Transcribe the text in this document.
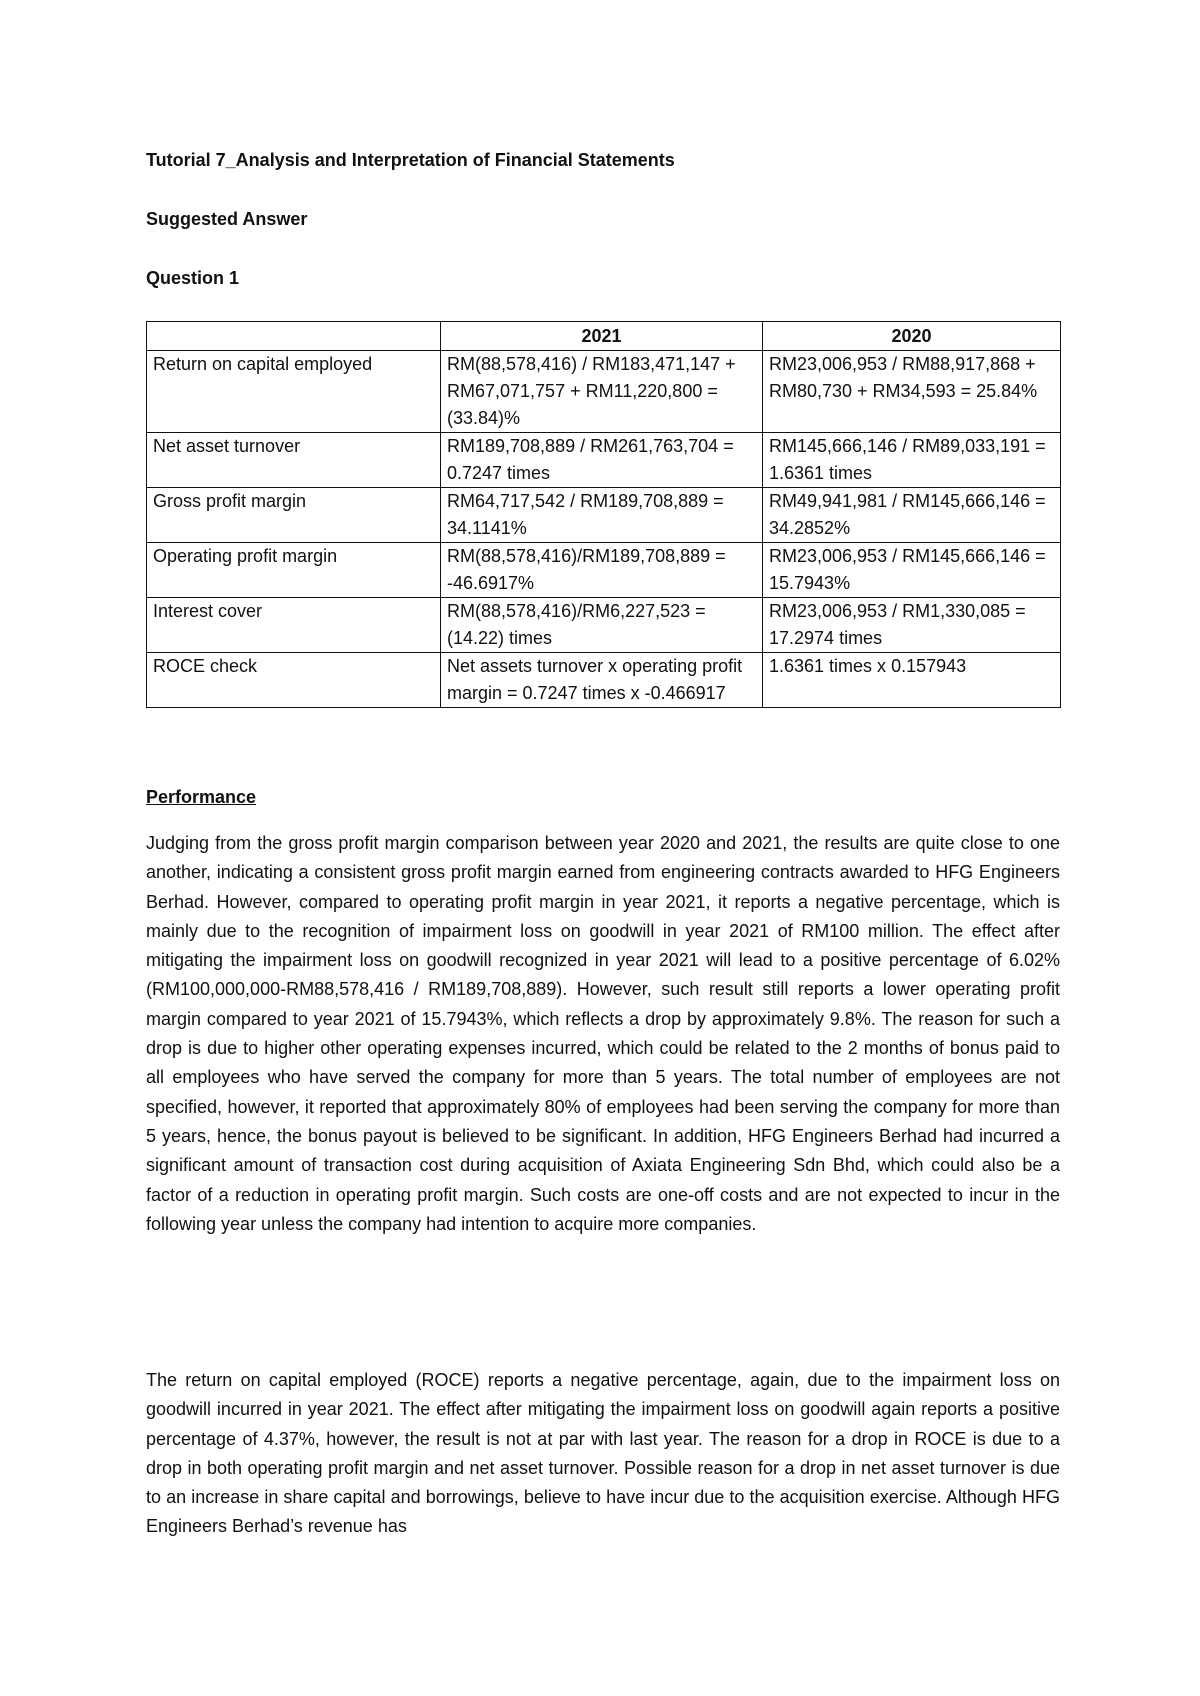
Tutorial 7_Analysis and Interpretation of Financial Statements
Suggested Answer
Question 1
	2021	2020
Return on capital employed	RM(88,578,416) / RM183,471,147 + RM67,071,757 + RM11,220,800 = (33.84)%	RM23,006,953 / RM88,917,868 + RM80,730 + RM34,593 = 25.84%
Net asset turnover	RM189,708,889 / RM261,763,704 = 0.7247 times	RM145,666,146 / RM89,033,191 = 1.6361 times
Gross profit margin	RM64,717,542 / RM189,708,889 = 34.1141%	RM49,941,981 / RM145,666,146 = 34.2852%
Operating profit margin	RM(88,578,416)/RM189,708,889 = -46.6917%	RM23,006,953 / RM145,666,146 = 15.7943%
Interest cover	RM(88,578,416)/RM6,227,523 = (14.22) times	RM23,006,953 / RM1,330,085 = 17.2974 times
ROCE check	Net assets turnover x operating profit margin = 0.7247 times x -0.466917	1.6361 times x 0.157943
Performance

Judging from the gross profit margin comparison between year 2020 and 2021, the results are quite close to one another, indicating a consistent gross profit margin earned from engineering contracts awarded to HFG Engineers Berhad. However, compared to operating profit margin in year 2021, it reports a negative percentage, which is mainly due to the recognition of impairment loss on goodwill in year 2021 of RM100 million. The effect after mitigating the impairment loss on goodwill recognized in year 2021 will lead to a positive percentage of 6.02% (RM100,000,000-RM88,578,416 / RM189,708,889). However, such result still reports a lower operating profit margin compared to year 2021 of 15.7943%, which reflects a drop by approximately 9.8%. The reason for such a drop is due to higher other operating expenses incurred, which could be related to the 2 months of bonus paid to all employees who have served the company for more than 5 years. The total number of employees are not specified, however, it reported that approximately 80% of employees had been serving the company for more than 5 years, hence, the bonus payout is believed to be significant. In addition, HFG Engineers Berhad had incurred a significant amount of transaction cost during acquisition of Axiata Engineering Sdn Bhd, which could also be a factor of a reduction in operating profit margin. Such costs are one-off costs and are not expected to incur in the following year unless the company had intention to acquire more companies.

The return on capital employed (ROCE) reports a negative percentage, again, due to the impairment loss on goodwill incurred in year 2021. The effect after mitigating the impairment loss on goodwill again reports a positive percentage of 4.37%, however, the result is not at par with last year. The reason for a drop in ROCE is due to a drop in both operating profit margin and net asset turnover. Possible reason for a drop in net asset turnover is due to an increase in share capital and borrowings, believe to have incur due to the acquisition exercise. Although HFG Engineers Berhad’s revenue has
